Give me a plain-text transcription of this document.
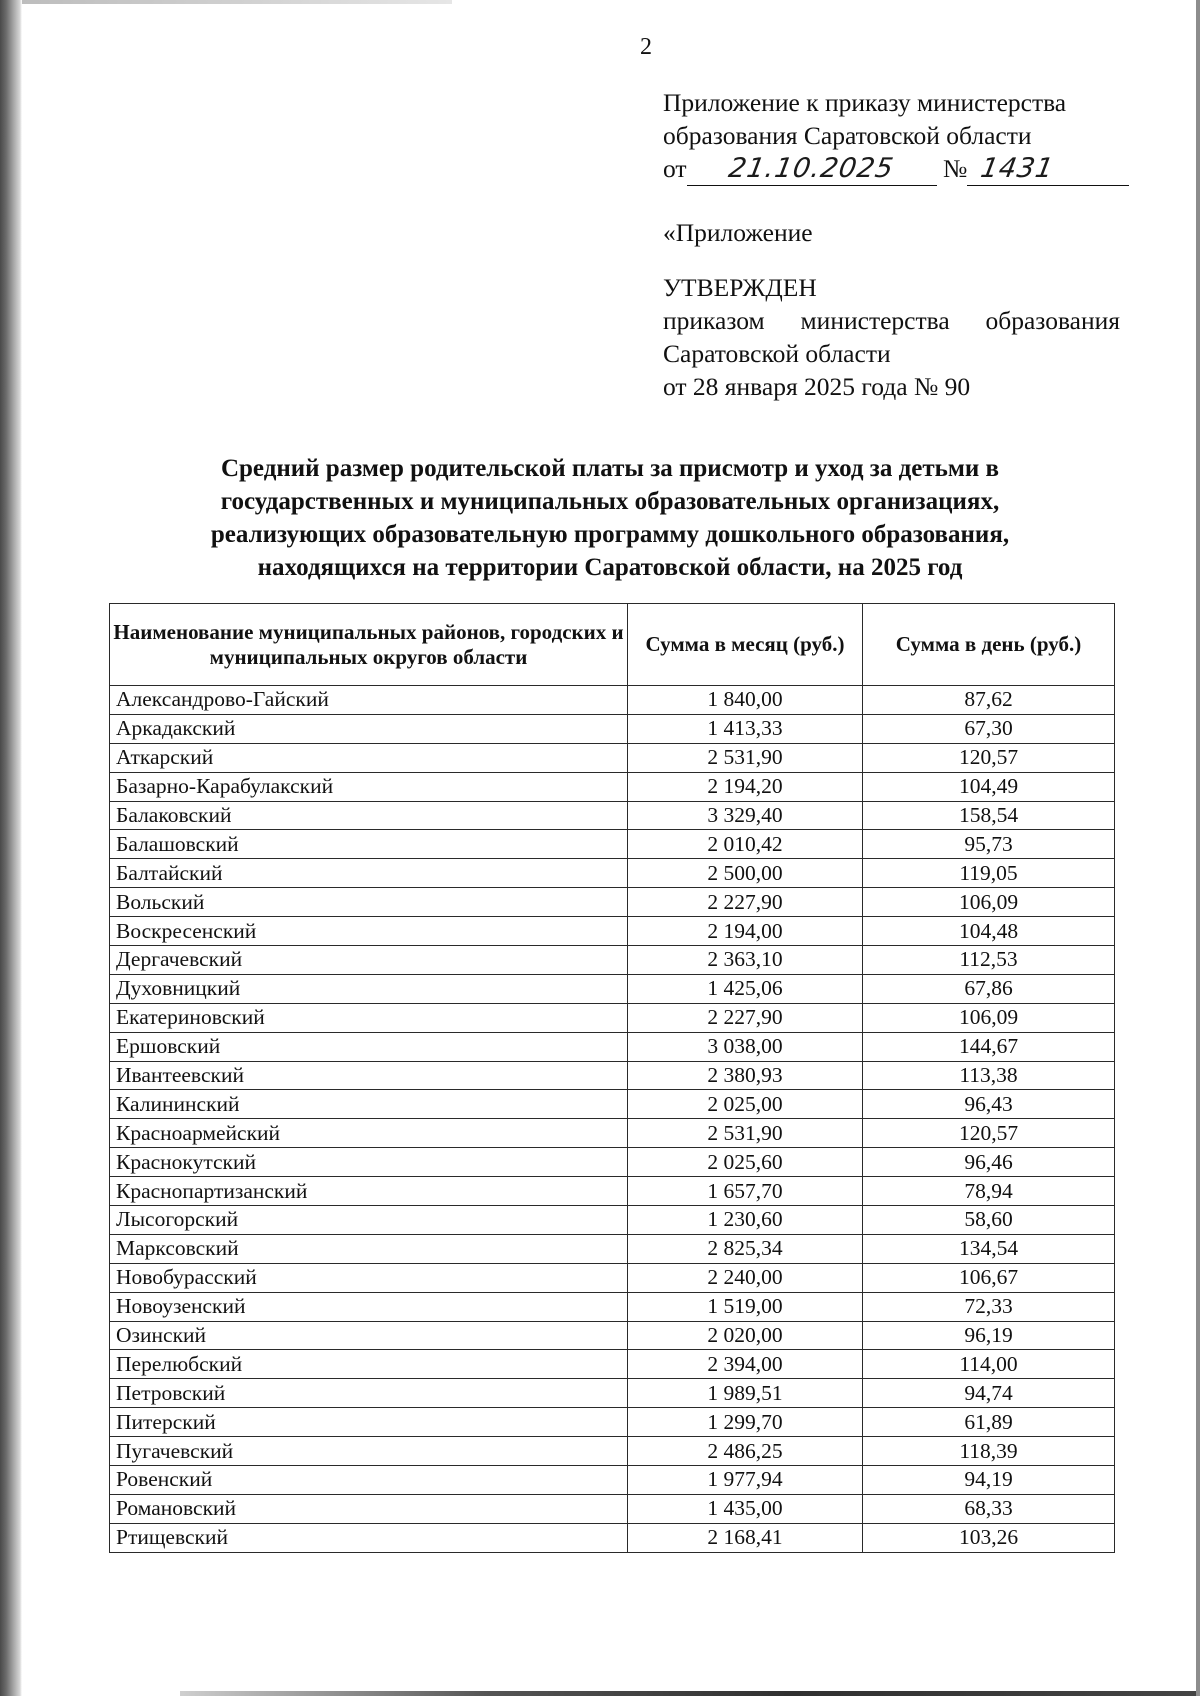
2
Приложение к приказу министерства
образования Саратовской области
от 21.10.2025 № 1431
«Приложение
УТВЕРЖДЕН
приказом министерства образования
Саратовской области
от 28 января 2025 года № 90
Средний размер родительской платы за присмотр и уход за детьми в
государственных и муниципальных образовательных организациях,
реализующих образовательную программу дошкольного образования,
находящихся на территории Саратовской области, на 2025 год
Наименование муниципальных районов, городских и муниципальных округов области	Сумма в месяц (руб.)	Сумма в день (руб.)
Александрово-Гайский	1 840,00	87,62
Аркадакский	1 413,33	67,30
Аткарский	2 531,90	120,57
Базарно-Карабулакский	2 194,20	104,49
Балаковский	3 329,40	158,54
Балашовский	2 010,42	95,73
Балтайский	2 500,00	119,05
Вольский	2 227,90	106,09
Воскресенский	2 194,00	104,48
Дергачевский	2 363,10	112,53
Духовницкий	1 425,06	67,86
Екатериновский	2 227,90	106,09
Ершовский	3 038,00	144,67
Ивантеевский	2 380,93	113,38
Калининский	2 025,00	96,43
Красноармейский	2 531,90	120,57
Краснокутский	2 025,60	96,46
Краснопартизанский	1 657,70	78,94
Лысогорский	1 230,60	58,60
Марксовский	2 825,34	134,54
Новобурасский	2 240,00	106,67
Новоузенский	1 519,00	72,33
Озинский	2 020,00	96,19
Перелюбский	2 394,00	114,00
Петровский	1 989,51	94,74
Питерский	1 299,70	61,89
Пугачевский	2 486,25	118,39
Ровенский	1 977,94	94,19
Романовский	1 435,00	68,33
Ртищевский	2 168,41	103,26
